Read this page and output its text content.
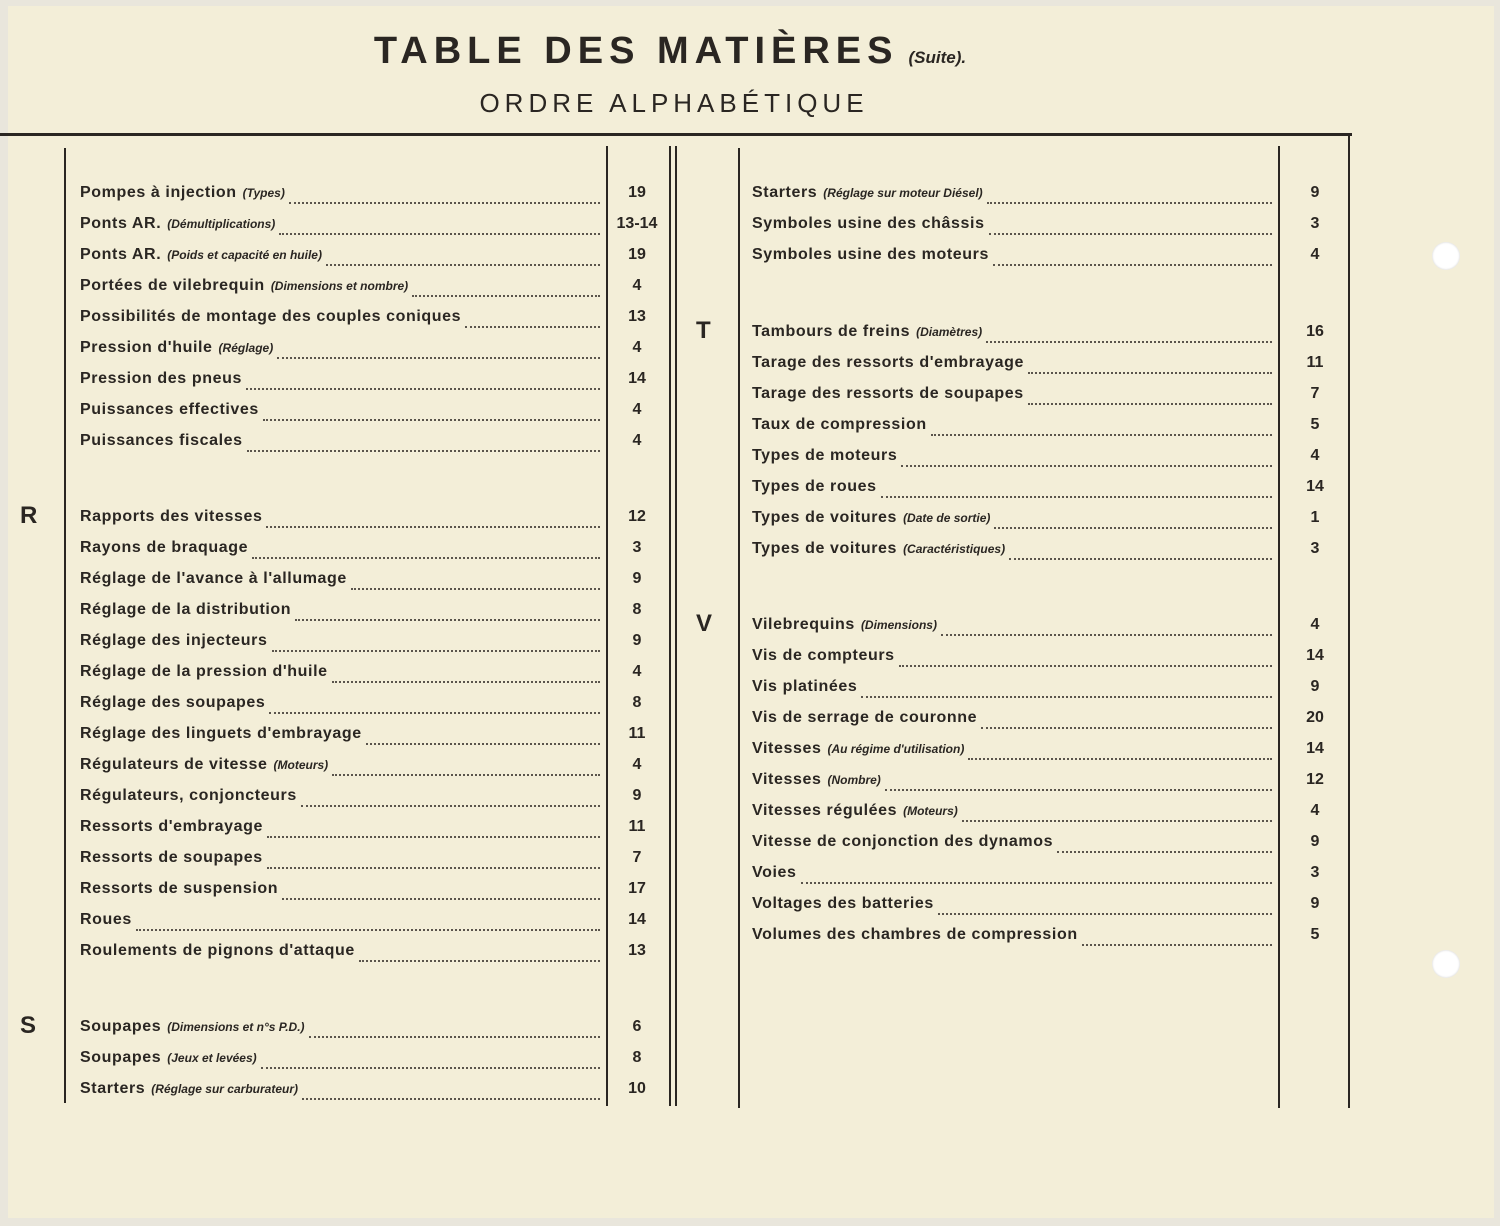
TABLE DES MATIÈRES (Suite).
ORDRE ALPHABÉTIQUE
Pompes à injection (Types)	19
Ponts AR. (Démultiplications)	13-14
Ponts AR. (Poids et capacité en huile)	19
Portées de vilebrequin (Dimensions et nombre)	4
Possibilités de montage des couples coniques	13
Pression d'huile (Réglage)	4
Pression des pneus	14
Puissances effectives	4
Puissances fiscales	4
R	Rapports des vitesses	12
Rayons de braquage	3
Réglage de l'avance à l'allumage	9
Réglage de la distribution	8
Réglage des injecteurs	9
Réglage de la pression d'huile	4
Réglage des soupapes	8
Réglage des linguets d'embrayage	11
Régulateurs de vitesse (Moteurs)	4
Régulateurs, conjoncteurs	9
Ressorts d'embrayage	11
Ressorts de soupapes	7
Ressorts de suspension	17
Roues	14
Roulements de pignons d'attaque	13
S	Soupapes (Dimensions et n°s P.D.)	6
Soupapes (Jeux et levées)	8
Starters (Réglage sur carburateur)	10
Starters (Réglage sur moteur Diésel)	9
Symboles usine des châssis	3
Symboles usine des moteurs	4
T	Tambours de freins (Diamètres)	16
Tarage des ressorts d'embrayage	11
Tarage des ressorts de soupapes	7
Taux de compression	5
Types de moteurs	4
Types de roues	14
Types de voitures (Date de sortie)	1
Types de voitures (Caractéristiques)	3
V Vilebrequins (Dimensions)	4
Vis de compteurs	14
Vis platinées	9
Vis de serrage de couronne	20
Vitesses (Au régime d'utilisation)	14
Vitesses (Nombre)	12
Vitesses régulées (Moteurs)	4
Vitesse de conjonction des dynamos	9
Voies	3
Voltages des batteries	9
Volumes des chambres de compression	5
